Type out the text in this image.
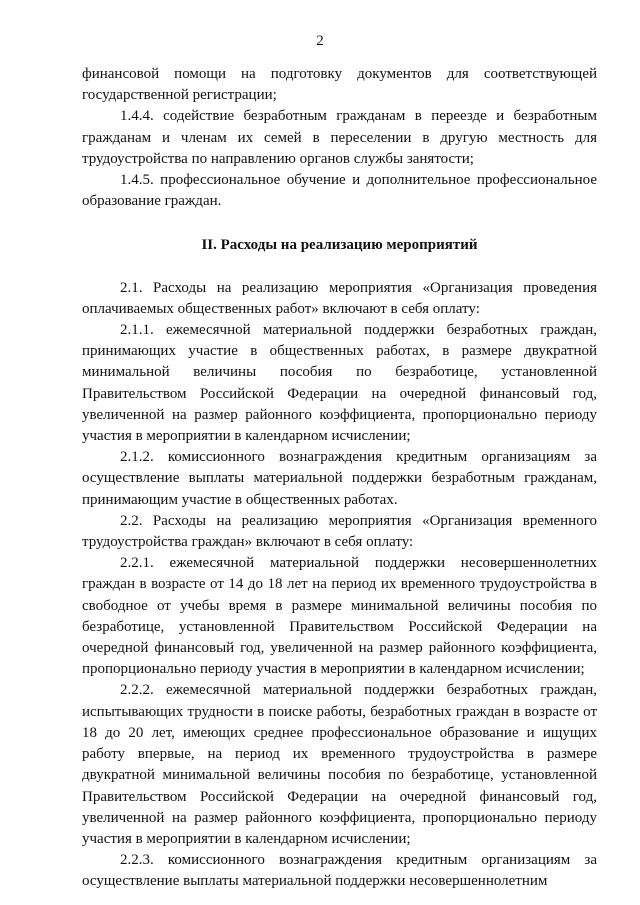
2

финансовой помощи на подготовку документов для соответствующей государственной регистрации;

1.4.4. содействие безработным гражданам в переезде и безработным гражданам и членам их семей в переселении в другую местность для трудоустройства по направлению органов службы занятости;

1.4.5. профессиональное обучение и дополнительное профессиональное образование граждан.

II. Расходы на реализацию мероприятий

2.1. Расходы на реализацию мероприятия «Организация проведения оплачиваемых общественных работ» включают в себя оплату:

2.1.1. ежемесячной материальной поддержки безработных граждан, принимающих участие в общественных работах, в размере двукратной минимальной величины пособия по безработице, установленной Правительством Российской Федерации на очередной финансовый год, увеличенной на размер районного коэффициента, пропорционально периоду участия в мероприятии в календарном исчислении;

2.1.2. комиссионного вознаграждения кредитным организациям за осуществление выплаты материальной поддержки безработным гражданам, принимающим участие в общественных работах.

2.2. Расходы на реализацию мероприятия «Организация временного трудоустройства граждан» включают в себя оплату:

2.2.1. ежемесячной материальной поддержки несовершеннолетних граждан в возрасте от 14 до 18 лет на период их временного трудоустройства в свободное от учебы время в размере минимальной величины пособия по безработице, установленной Правительством Российской Федерации на очередной финансовый год, увеличенной на размер районного коэффициента, пропорционально периоду участия в мероприятии в календарном исчислении;

2.2.2. ежемесячной материальной поддержки безработных граждан, испытывающих трудности в поиске работы, безработных граждан в возрасте от 18 до 20 лет, имеющих среднее профессиональное образование и ищущих работу впервые, на период их временного трудоустройства в размере двукратной минимальной величины пособия по безработице, установленной Правительством Российской Федерации на очередной финансовый год, увеличенной на размер районного коэффициента, пропорционально периоду участия в мероприятии в календарном исчислении;

2.2.3. комиссионного вознаграждения кредитным организациям за осуществление выплаты материальной поддержки несовершеннолетним
